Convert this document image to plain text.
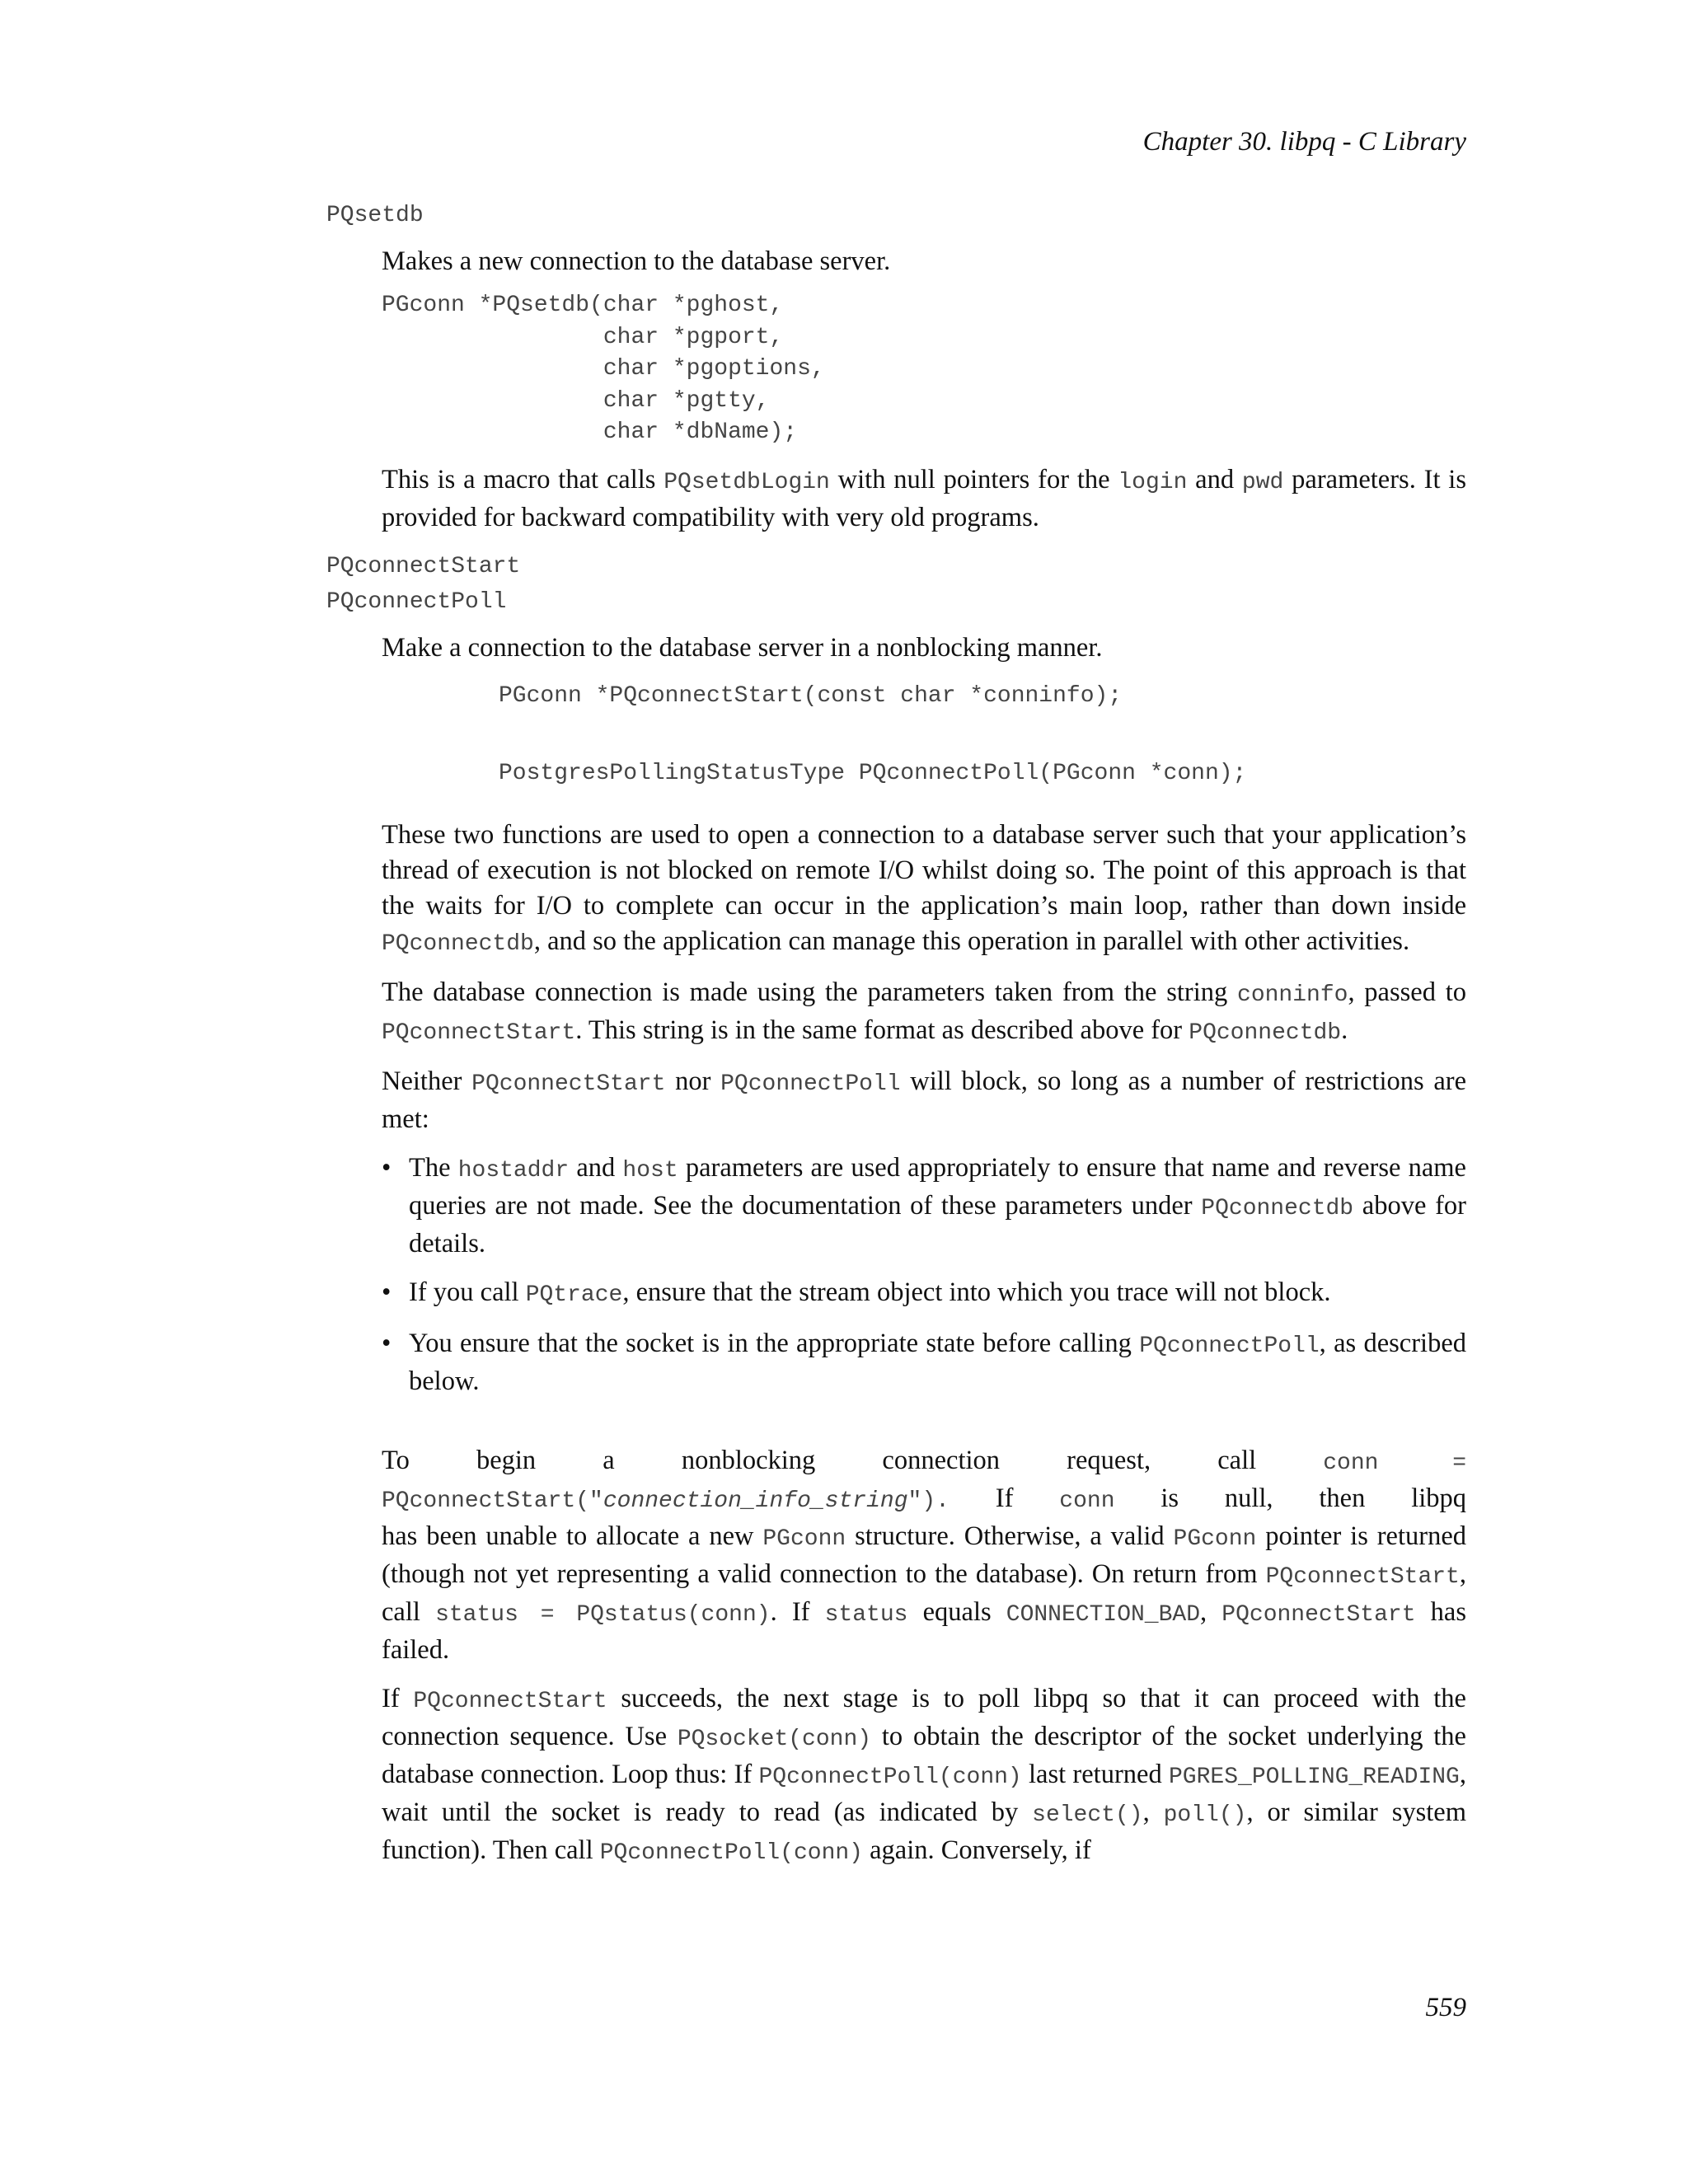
Chapter 30. libpq - C Library
PQsetdb

Makes a new connection to the database server.

PGconn *PQsetdb(char *pghost,
char *pgport,
char *pgoptions,
char *pgtty,
char *dbName);

This is a macro that calls PQsetdbLogin with null pointers for the login and pwd parameters. It is provided for backward compatibility with very old programs.

PQconnectStart
PQconnectPoll

Make a connection to the database server in a nonblocking manner.

PGconn *PQconnectStart(const char *conninfo);

PostgresPollingStatusType PQconnectPoll(PGconn *conn);

These two functions are used to open a connection to a database server such that your application’s thread of execution is not blocked on remote I/O whilst doing so. The point of this approach is that the waits for I/O to complete can occur in the application’s main loop, rather than down inside PQconnectdb, and so the application can manage this operation in parallel with other activities.

The database connection is made using the parameters taken from the string conninfo, passed to PQconnectStart. This string is in the same format as described above for PQconnectdb.

Neither PQconnectStart nor PQconnectPoll will block, so long as a number of restrictions are met:

• The hostaddr and host parameters are used appropriately to ensure that name and reverse name queries are not made. See the documentation of these parameters under PQconnectdb above for details.
• If you call PQtrace, ensure that the stream object into which you trace will not block.
• You ensure that the socket is in the appropriate state before calling PQconnectPoll, as described below.
To begin a nonblocking connection request, call	conn =
PQconnectStart("connection_info_string"). If conn is null, then libpq
has been unable to allocate a new PGconn structure. Otherwise, a valid PGconn pointer is returned (though not yet representing a valid connection to the database). On return from PQconnectStart, call status = PQstatus(conn). If status equals CONNECTION_BAD, PQconnectStart has failed.

If PQconnectStart succeeds, the next stage is to poll libpq so that it can proceed with the connection sequence. Use PQsocket(conn) to obtain the descriptor of the socket underlying the database connection. Loop thus: If PQconnectPoll(conn) last returned PGRES_POLLING_READING, wait until the socket is ready to read (as indicated by select(), poll(), or similar system function). Then call PQconnectPoll(conn) again. Conversely, if

559
